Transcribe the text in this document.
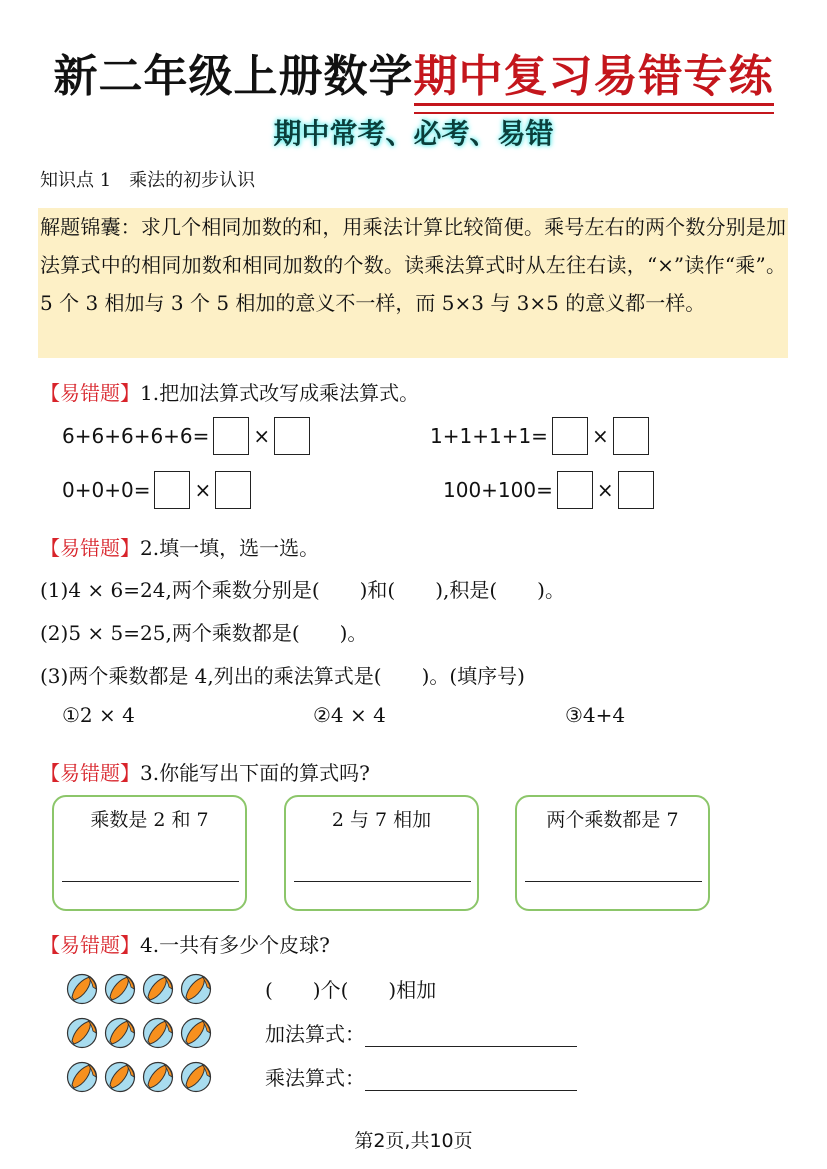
新二年级上册数学期中复习易错专练
期中常考、必考、易错
知识点 1　乘法的初步认识
解题锦囊：求几个相同加数的和，用乘法计算比较简便。乘号左右的两个数分别是加法算式中的相同加数和相同加数的个数。读乘法算式时从左往右读，“×”读作“乘”。5 个 3 相加与 3 个 5 相加的意义不一样，而 5×3 与 3×5 的意义都一样。
【易错题】1.把加法算式改写成乘法算式。
6+6+6+6+6= ×	1+1+1+1= ×
0+0+0= ×	100+100= ×
【易错题】2.填一填，选一选。
(1)4 × 6=24,两个乘数分别是(　　)和(　　),积是(　　)。
(2)5 × 5=25,两个乘数都是(　　)。
(3)两个乘数都是 4,列出的乘法算式是(　　)。(填序号)
①2 × 4	②4 × 4	③4+4
【易错题】3.你能写出下面的算式吗?
乘数是 2 和 7	2 与 7 相加	两个乘数都是 7
【易错题】4.一共有多少个皮球?
(　　)个(　　)相加
加法算式：
乘法算式：
第2页,共10页
